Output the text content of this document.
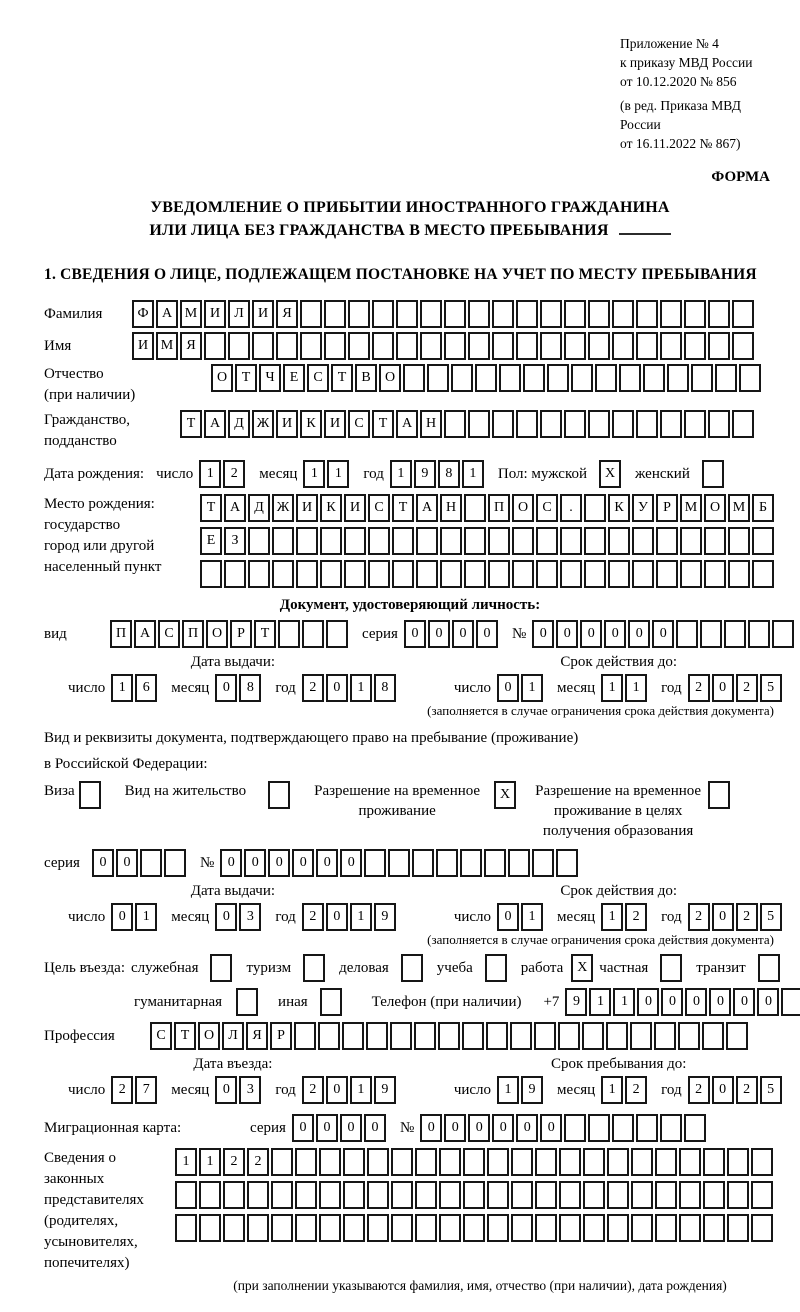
Приложение № 4
к приказу МВД России
от 10.12.2020 № 856
(в ред. Приказа МВД России
от 16.11.2022 № 867)
ФОРМА
УВЕДОМЛЕНИЕ О ПРИБЫТИИ ИНОСТРАННОГО ГРАЖДАНИНА
ИЛИ ЛИЦА БЕЗ ГРАЖДАНСТВА В МЕСТО ПРЕБЫВАНИЯ
1. СВЕДЕНИЯ О ЛИЦЕ, ПОДЛЕЖАЩЕМ ПОСТАНОВКЕ НА УЧЕТ ПО МЕСТУ ПРЕБЫВАНИЯ
Фамилия	Ф А М И	Л	И	Я
Имя	И М Я
Отчество
(при наличии)
О	Т	Ч	Е	С	Т	В	О
Гражданство,
подданство
Т	А	Д Ж И	К	И	С	Т	А Н
Дата рождения: число 1	2	месяц 1	1	год 1	9	8	1	Пол: мужской	X	женский
Место рождения:
государство
город или другой
населенный пункт
Т	А	Д Ж И	К	И	С	Т	А Н	П О	С	.	К	У	Р М О М Б
Е	З
Документ, удостоверяющий личность:
вид	П А	С	П О	Р	Т	серия 0	0	0	0	№ 0	0	0	0	0	0
Дата выдачи:
число 1	6	месяц 0	8	год 2	0	1	8
Срок действия до:
число 0	1	месяц 1	1	год 2	0	2	5
(заполняется в случае ограничения срока действия документа)
Вид и реквизиты документа, подтверждающего право на пребывание (проживание)
в Российской Федерации:
Виза	Вид на жительство	Разрешение на временное проживание
X	Разрешение на временное проживание в целях получения образования
серия	0	0	№ 0	0	0	0	0	0
Дата выдачи:
число 0	1	месяц 0	3	год 2	0	1	9
Срок действия до:
число 0	1	месяц 1	2	год 2	0	2	5
(заполняется в случае ограничения срока действия документа)
Цель въезда: служебная	туризм	деловая	учеба	работа X частная	транзит
гуманитарная	иная	Телефон (при наличии) +7 9	1	1	0	0	0	0	0	0
Профессия	С	Т	О	Л	Я	Р
Дата въезда:
число 2	7	месяц 0	3	год 2	0	1	9
Срок пребывания до:
число 1	9	месяц 1	2	год 2	0	2	5
Миграционная карта:	серия 0	0	0	0	№ 0	0	0	0	0	0
Сведения о
законных
представителях
(родителях,
усыновителях,
попечителях)
1	1	2	2
(при заполнении указываются фамилия, имя, отчество (при наличии), дата рождения)
